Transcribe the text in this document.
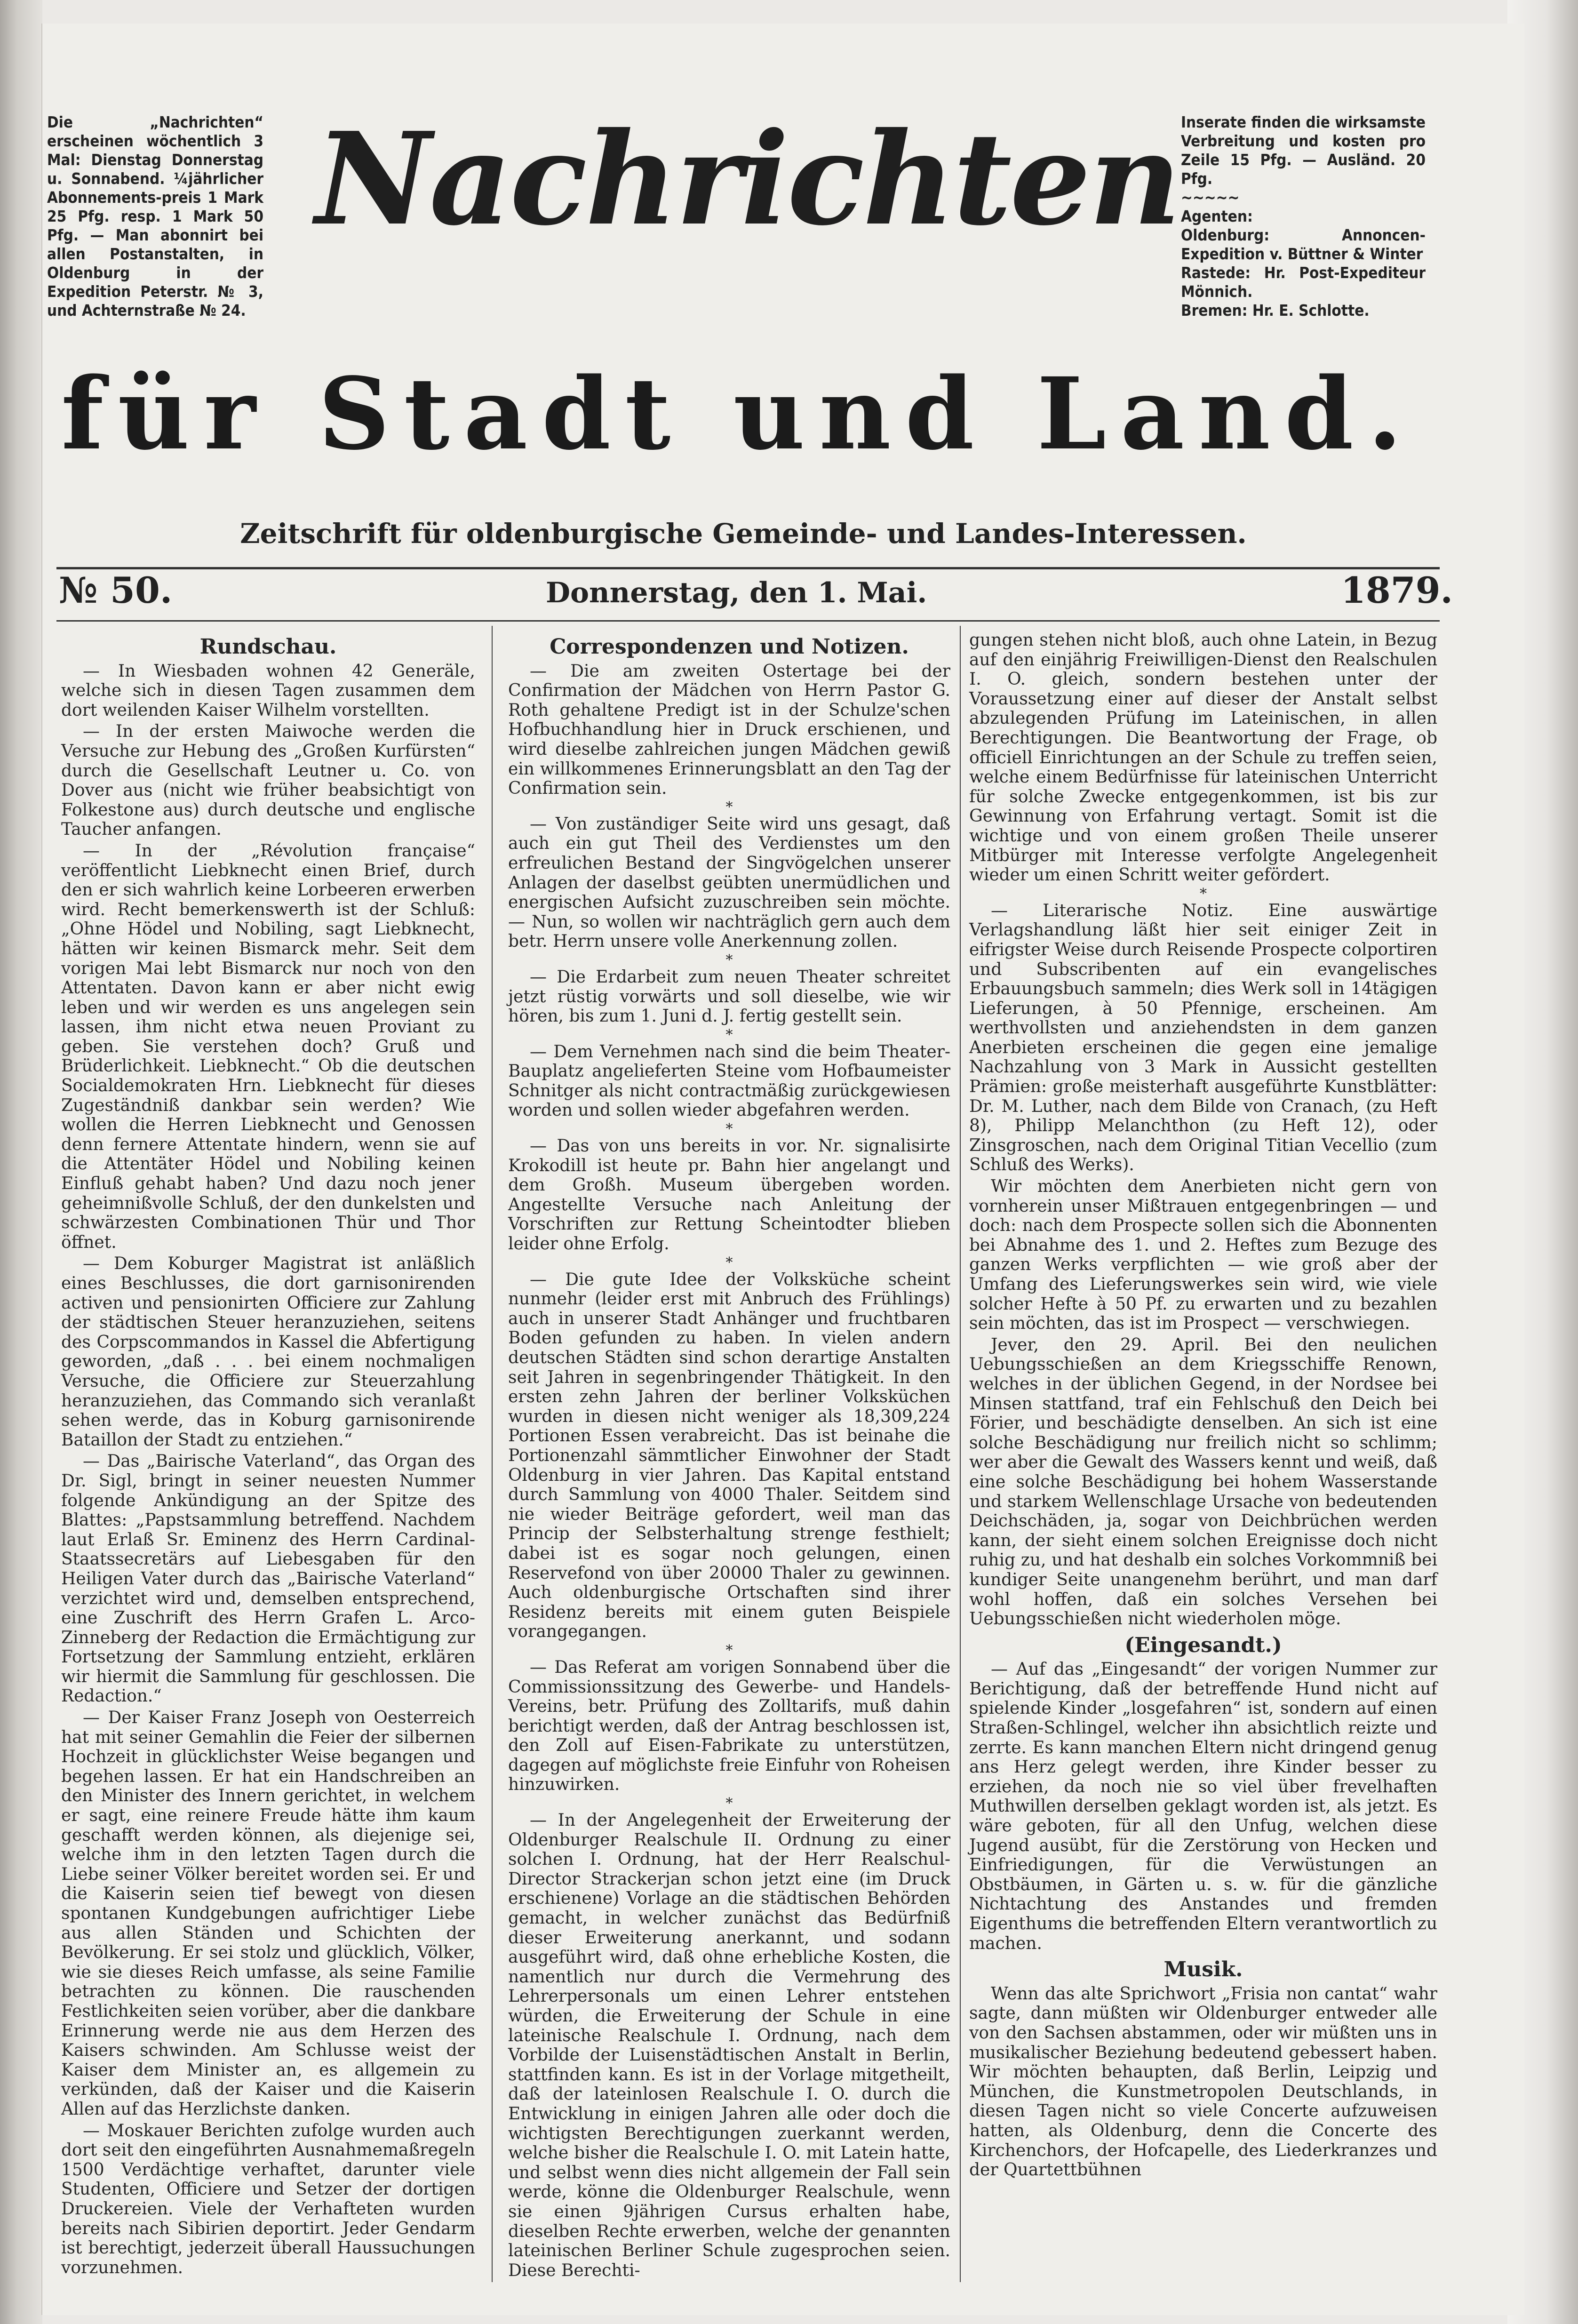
Die „Nachrichten“ erscheinen wöchentlich 3 Mal: Dienstag Donnerstag u. Sonnabend. ¼jährlicher Abonnements-preis 1 Mark 25 Pfg. resp. 1 Mark 50 Pfg. — Man abonnirt bei allen Postanstalten, in Oldenburg in der Expedition Peterstr. № 3, und Achternstraße № 24.
Inserate finden die wirksamste Verbreitung und kosten pro Zeile 15 Pfg. — Ausländ. 20 Pfg.
~~~~~
Agenten:
Oldenburg: Annoncen-Expedition v. Büttner & Winter
Rastede: Hr. Post-Expediteur Mönnich.
Bremen: Hr. E. Schlotte.
Nachrichten
für Stadt und Land.
Zeitschrift für oldenburgische Gemeinde- und Landes-Interessen.
№ 50.	Donnerstag, den 1. Mai.	1879.
Rundschau.

— In Wiesbaden wohnen 42 Generäle, welche sich in diesen Tagen zusammen dem dort weilenden Kaiser Wilhelm vorstellten.

— In der ersten Maiwoche werden die Versuche zur Hebung des „Großen Kurfürsten“ durch die Gesellschaft Leutner u. Co. von Dover aus (nicht wie früher beabsichtigt von Folkestone aus) durch deutsche und englische Taucher anfangen.

— In der „Révolution française“ veröffentlicht Liebknecht einen Brief, durch den er sich wahrlich keine Lorbeeren erwerben wird. Recht bemerkenswerth ist der Schluß: „Ohne Hödel und Nobiling, sagt Liebknecht, hätten wir keinen Bismarck mehr. Seit dem vorigen Mai lebt Bismarck nur noch von den Attentaten. Davon kann er aber nicht ewig leben und wir werden es uns angelegen sein lassen, ihm nicht etwa neuen Proviant zu geben. Sie verstehen doch? Gruß und Brüderlichkeit. Liebknecht.“ Ob die deutschen Socialdemokraten Hrn. Liebknecht für dieses Zugeständniß dankbar sein werden? Wie wollen die Herren Liebknecht und Genossen denn fernere Attentate hindern, wenn sie auf die Attentäter Hödel und Nobiling keinen Einfluß gehabt haben? Und dazu noch jener geheimnißvolle Schluß, der den dunkelsten und schwärzesten Combinationen Thür und Thor öffnet.

— Dem Koburger Magistrat ist anläßlich eines Beschlusses, die dort garnisonirenden activen und pensionirten Officiere zur Zahlung der städtischen Steuer heranzuziehen, seitens des Corpscommandos in Kassel die Abfertigung geworden, „daß . . . bei einem nochmaligen Versuche, die Officiere zur Steuerzahlung heranzuziehen, das Commando sich veranlaßt sehen werde, das in Koburg garnisonirende Bataillon der Stadt zu entziehen.“

— Das „Bairische Vaterland“, das Organ des Dr. Sigl, bringt in seiner neuesten Nummer folgende Ankündigung an der Spitze des Blattes: „Papstsammlung betreffend. Nachdem laut Erlaß Sr. Eminenz des Herrn Cardinal-Staatssecretärs auf Liebesgaben für den Heiligen Vater durch das „Bairische Vaterland“ verzichtet wird und, demselben entsprechend, eine Zuschrift des Herrn Grafen L. Arco-Zinneberg der Redaction die Ermächtigung zur Fortsetzung der Sammlung entzieht, erklären wir hiermit die Sammlung für geschlossen. Die Redaction.“

— Der Kaiser Franz Joseph von Oesterreich hat mit seiner Gemahlin die Feier der silbernen Hochzeit in glücklichster Weise begangen und begehen lassen. Er hat ein Handschreiben an den Minister des Innern gerichtet, in welchem er sagt, eine reinere Freude hätte ihm kaum geschafft werden können, als diejenige sei, welche ihm in den letzten Tagen durch die Liebe seiner Völker bereitet worden sei. Er und die Kaiserin seien tief bewegt von diesen spontanen Kundgebungen aufrichtiger Liebe aus allen Ständen und Schichten der Bevölkerung. Er sei stolz und glücklich, Völker, wie sie dieses Reich umfasse, als seine Familie betrachten zu können. Die rauschenden Festlichkeiten seien vorüber, aber die dankbare Erinnerung werde nie aus dem Herzen des Kaisers schwinden. Am Schlusse weist der Kaiser dem Minister an, es allgemein zu verkünden, daß der Kaiser und die Kaiserin Allen auf das Herzlichste danken.

— Moskauer Berichten zufolge wurden auch dort seit den eingeführten Ausnahmemaßregeln 1500 Verdächtige verhaftet, darunter viele Studenten, Officiere und Setzer der dortigen Druckereien. Viele der Verhafteten wurden bereits nach Sibirien deportirt. Jeder Gendarm ist berechtigt, jederzeit überall Haussuchungen vorzunehmen.

Correspondenzen und Notizen.

— Die am zweiten Ostertage bei der Confirmation der Mädchen von Herrn Pastor G. Roth gehaltene Predigt ist in der Schulze'schen Hofbuchhandlung hier in Druck erschienen, und wird dieselbe zahlreichen jungen Mädchen gewiß ein willkommenes Erinnerungsblatt an den Tag der Confirmation sein.

*

— Von zuständiger Seite wird uns gesagt, daß auch ein gut Theil des Verdienstes um den erfreulichen Bestand der Singvögelchen unserer Anlagen der daselbst geübten unermüdlichen und energischen Aufsicht zuzuschreiben sein möchte. — Nun, so wollen wir nachträglich gern auch dem betr. Herrn unsere volle Anerkennung zollen.

*

— Die Erdarbeit zum neuen Theater schreitet jetzt rüstig vorwärts und soll dieselbe, wie wir hören, bis zum 1. Juni d. J. fertig gestellt sein.

*

— Dem Vernehmen nach sind die beim Theater-Bauplatz angelieferten Steine vom Hofbaumeister Schnitger als nicht contractmäßig zurückgewiesen worden und sollen wieder abgefahren werden.

*

— Das von uns bereits in vor. Nr. signalisirte Krokodill ist heute pr. Bahn hier angelangt und dem Großh. Museum übergeben worden. Angestellte Versuche nach Anleitung der Vorschriften zur Rettung Scheintodter blieben leider ohne Erfolg.

*

— Die gute Idee der Volksküche scheint nunmehr (leider erst mit Anbruch des Frühlings) auch in unserer Stadt Anhänger und fruchtbaren Boden gefunden zu haben. In vielen andern deutschen Städten sind schon derartige Anstalten seit Jahren in segenbringender Thätigkeit. In den ersten zehn Jahren der berliner Volksküchen wurden in diesen nicht weniger als 18,309,224 Portionen Essen verabreicht. Das ist beinahe die Portionenzahl sämmtlicher Einwohner der Stadt Oldenburg in vier Jahren. Das Kapital entstand durch Sammlung von 4000 Thaler. Seitdem sind nie wieder Beiträge gefordert, weil man das Princip der Selbsterhaltung strenge festhielt; dabei ist es sogar noch gelungen, einen Reservefond von über 20000 Thaler zu gewinnen. Auch oldenburgische Ortschaften sind ihrer Residenz bereits mit einem guten Beispiele vorangegangen.

*

— Das Referat am vorigen Sonnabend über die Commissionssitzung des Gewerbe- und Handels-Vereins, betr. Prüfung des Zolltarifs, muß dahin berichtigt werden, daß der Antrag beschlossen ist, den Zoll auf Eisen-Fabrikate zu unterstützen, dagegen auf möglichste freie Einfuhr von Roheisen hinzuwirken.

*

— In der Angelegenheit der Erweiterung der Oldenburger Realschule II. Ordnung zu einer solchen I. Ordnung, hat der Herr Realschul-Director Strackerjan schon jetzt eine (im Druck erschienene) Vorlage an die städtischen Behörden gemacht, in welcher zunächst das Bedürfniß dieser Erweiterung anerkannt, und sodann ausgeführt wird, daß ohne erhebliche Kosten, die namentlich nur durch die Vermehrung des Lehrerpersonals um einen Lehrer entstehen würden, die Erweiterung der Schule in eine lateinische Realschule I. Ordnung, nach dem Vorbilde der Luisenstädtischen Anstalt in Berlin, stattfinden kann. Es ist in der Vorlage mitgetheilt, daß der lateinlosen Realschule I. O. durch die Entwicklung in einigen Jahren alle oder doch die wichtigsten Berechtigungen zuerkannt werden, welche bisher die Realschule I. O. mit Latein hatte, und selbst wenn dies nicht allgemein der Fall sein werde, könne die Oldenburger Realschule, wenn sie einen 9jährigen Cursus erhalten habe, dieselben Rechte erwerben, welche der genannten lateinischen Berliner Schule zugesprochen seien. Diese Berechti-

gungen stehen nicht bloß, auch ohne Latein, in Bezug auf den einjährig Freiwilligen-Dienst den Realschulen I. O. gleich, sondern bestehen unter der Voraussetzung einer auf dieser der Anstalt selbst abzulegenden Prüfung im Lateinischen, in allen Berechtigungen. Die Beantwortung der Frage, ob officiell Einrichtungen an der Schule zu treffen seien, welche einem Bedürfnisse für lateinischen Unterricht für solche Zwecke entgegenkommen, ist bis zur Gewinnung von Erfahrung vertagt. Somit ist die wichtige und von einem großen Theile unserer Mitbürger mit Interesse verfolgte Angelegenheit wieder um einen Schritt weiter gefördert.

*

— Literarische Notiz. Eine auswärtige Verlagshandlung läßt hier seit einiger Zeit in eifrigster Weise durch Reisende Prospecte colportiren und Subscribenten auf ein evangelisches Erbauungsbuch sammeln; dies Werk soll in 14tägigen Lieferungen, à 50 Pfennige, erscheinen. Am werthvollsten und anziehendsten in dem ganzen Anerbieten erscheinen die gegen eine jemalige Nachzahlung von 3 Mark in Aussicht gestellten Prämien: große meisterhaft ausgeführte Kunstblätter: Dr. M. Luther, nach dem Bilde von Cranach, (zu Heft 8), Philipp Melanchthon (zu Heft 12), oder Zinsgroschen, nach dem Original Titian Vecellio (zum Schluß des Werks).

Wir möchten dem Anerbieten nicht gern von vornherein unser Mißtrauen entgegenbringen — und doch: nach dem Prospecte sollen sich die Abonnenten bei Abnahme des 1. und 2. Heftes zum Bezuge des ganzen Werks verpflichten — wie groß aber der Umfang des Lieferungswerkes sein wird, wie viele solcher Hefte à 50 Pf. zu erwarten und zu bezahlen sein möchten, das ist im Prospect — verschwiegen.

Jever, den 29. April. Bei den neulichen Uebungsschießen an dem Kriegsschiffe Renown, welches in der üblichen Gegend, in der Nordsee bei Minsen stattfand, traf ein Fehlschuß den Deich bei Förier, und beschädigte denselben. An sich ist eine solche Beschädigung nur freilich nicht so schlimm; wer aber die Gewalt des Wassers kennt und weiß, daß eine solche Beschädigung bei hohem Wasserstande und starkem Wellenschlage Ursache von bedeutenden Deichschäden, ja, sogar von Deichbrüchen werden kann, der sieht einem solchen Ereignisse doch nicht ruhig zu, und hat deshalb ein solches Vorkommniß bei kundiger Seite unangenehm berührt, und man darf wohl hoffen, daß ein solches Versehen bei Uebungsschießen nicht wiederholen möge.

(Eingesandt.)

— Auf das „Eingesandt“ der vorigen Nummer zur Berichtigung, daß der betreffende Hund nicht auf spielende Kinder „losgefahren“ ist, sondern auf einen Straßen-Schlingel, welcher ihn absichtlich reizte und zerrte. Es kann manchen Eltern nicht dringend genug ans Herz gelegt werden, ihre Kinder besser zu erziehen, da noch nie so viel über frevelhaften Muthwillen derselben geklagt worden ist, als jetzt. Es wäre geboten, für all den Unfug, welchen diese Jugend ausübt, für die Zerstörung von Hecken und Einfriedigungen, für die Verwüstungen an Obstbäumen, in Gärten u. s. w. für die gänzliche Nichtachtung des Anstandes und fremden Eigenthums die betreffenden Eltern verantwortlich zu machen.

Musik.

Wenn das alte Sprichwort „Frisia non cantat“ wahr sagte, dann müßten wir Oldenburger entweder alle von den Sachsen abstammen, oder wir müßten uns in musikalischer Beziehung bedeutend gebessert haben. Wir möchten behaupten, daß Berlin, Leipzig und München, die Kunstmetropolen Deutschlands, in diesen Tagen nicht so viele Concerte aufzuweisen hatten, als Oldenburg, denn die Concerte des Kirchenchors, der Hofcapelle, des Liederkranzes und der Quartettbühnen
